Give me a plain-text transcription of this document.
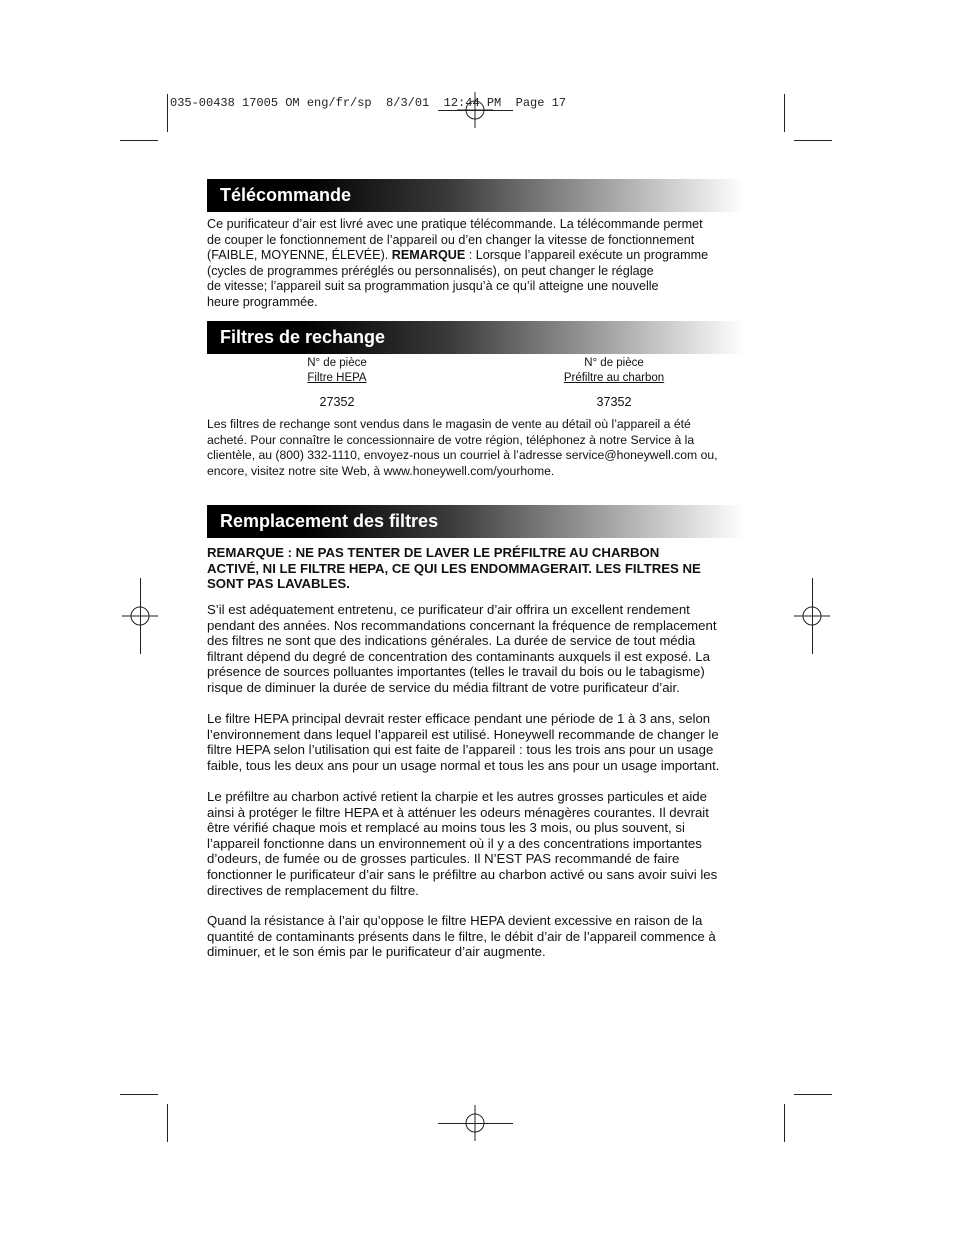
035-00438 17005 OM eng/fr/sp  8/3/01  12:44 PM  Page 17
Télécommande
Ce purificateur d’air est livré avec une pratique télécommande. La télécommande permet
de couper le fonctionnement de l’appareil ou d’en changer la vitesse de fonctionnement
(FAIBLE, MOYENNE, ÉLEVÉE). REMARQUE : Lorsque l’appareil exécute un programme
(cycles de programmes préréglés ou personnalisés), on peut changer le réglage
de vitesse; l’appareil suit sa programmation jusqu’à ce qu’il atteigne une nouvelle
heure programmée.
Filtres de rechange
N° de pièce
Filtre HEPA
27352
N° de pièce
Préfiltre au charbon
37352
Les filtres de rechange sont vendus dans le magasin de vente au détail où l’appareil a été
acheté. Pour connaître le concessionnaire de votre région, téléphonez à notre Service à la
clientèle, au (800) 332-1110, envoyez-nous un courriel à l’adresse service@honeywell.com ou,
encore, visitez notre site Web, à www.honeywell.com/yourhome.
Remplacement des filtres
REMARQUE : NE PAS TENTER DE LAVER LE PRÉFILTRE AU CHARBON
ACTIVÉ, NI LE FILTRE HEPA, CE QUI LES ENDOMMAGERAIT. LES FILTRES NE
SONT PAS LAVABLES.
S’il est adéquatement entretenu, ce purificateur d’air offrira un excellent rendement
pendant des années. Nos recommandations concernant la fréquence de remplacement
des filtres ne sont que des indications générales. La durée de service de tout média
filtrant dépend du degré de concentration des contaminants auxquels il est exposé. La
présence de sources polluantes importantes (telles le travail du bois ou le tabagisme)
risque de diminuer la durée de service du média filtrant de votre purificateur d’air.
Le filtre HEPA principal devrait rester efficace pendant une période de 1 à 3 ans, selon
l’environnement dans lequel l’appareil est utilisé. Honeywell recommande de changer le
filtre HEPA selon l’utilisation qui est faite de l’appareil : tous les trois ans pour un usage
faible, tous les deux ans pour un usage normal et tous les ans pour un usage important.
Le préfiltre au charbon activé retient la charpie et les autres grosses particules et aide
ainsi à protéger le filtre HEPA et à atténuer les odeurs ménagères courantes. Il devrait
être vérifié chaque mois et remplacé au moins tous les 3 mois, ou plus souvent, si
l’appareil fonctionne dans un environnement où il y a des concentrations importantes
d’odeurs, de fumée ou de grosses particules. Il N’EST PAS recommandé de faire
fonctionner le purificateur d’air sans le préfiltre au charbon activé ou sans avoir suivi les
directives de remplacement du filtre.
Quand la résistance à l’air qu’oppose le filtre HEPA devient excessive en raison de la
quantité de contaminants présents dans le filtre, le débit d’air de l’appareil commence à
diminuer, et le son émis par le purificateur d’air augmente.
